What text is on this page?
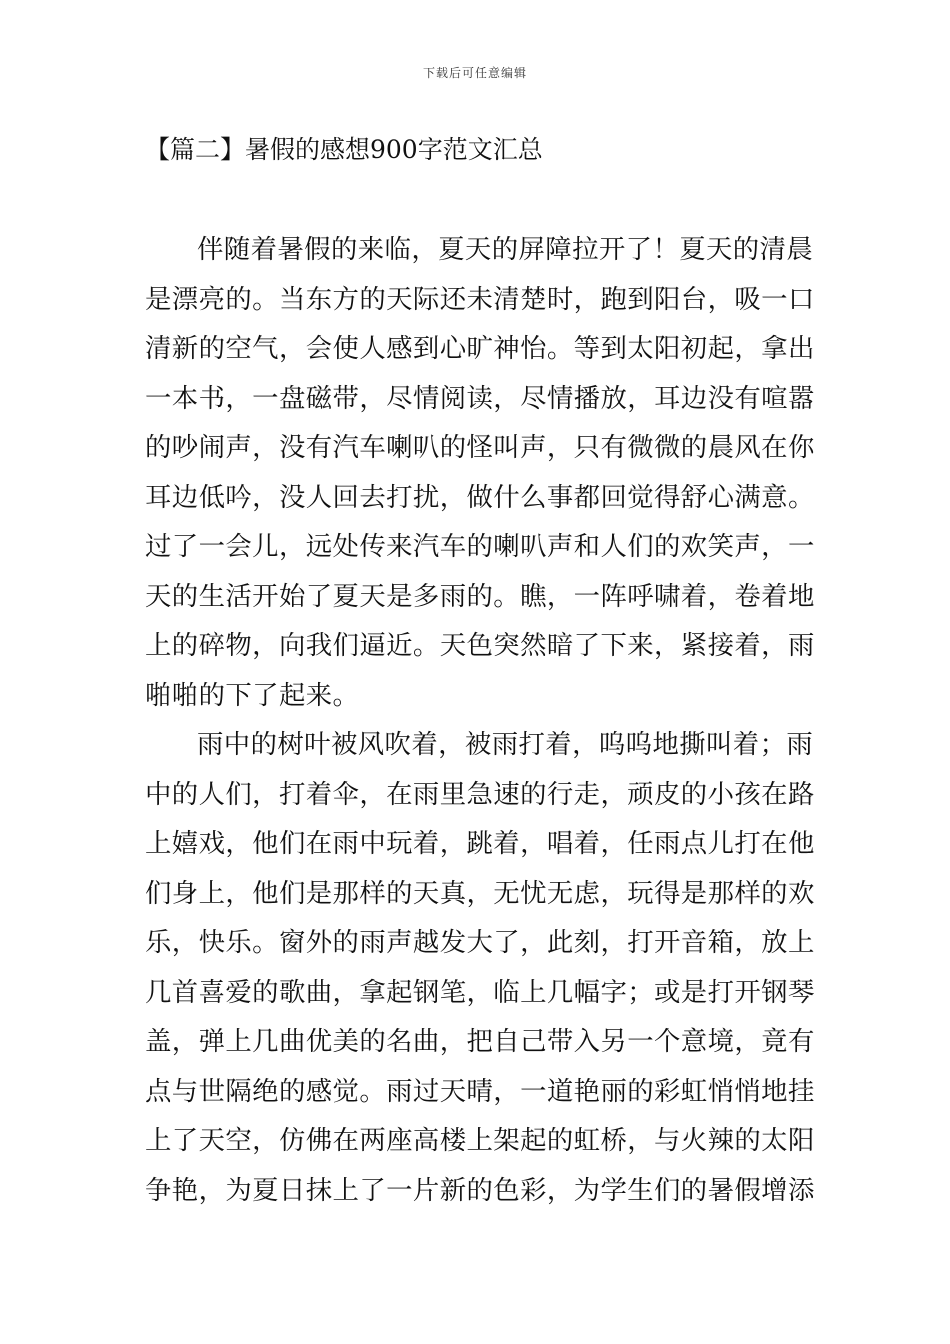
下载后可任意编辑
【篇二】暑假的感想900字范文汇总
伴随着暑假的来临，夏天的屏障拉开了！夏天的清晨
是漂亮的。当东方的天际还未清楚时，跑到阳台，吸一口
清新的空气，会使人感到心旷神怡。等到太阳初起，拿出
一本书，一盘磁带，尽情阅读，尽情播放，耳边没有喧嚣
的吵闹声，没有汽车喇叭的怪叫声，只有微微的晨风在你
耳边低吟，没人回去打扰，做什么事都回觉得舒心满意。
过了一会儿，远处传来汽车的喇叭声和人们的欢笑声，一
天的生活开始了夏天是多雨的。瞧，一阵呼啸着，卷着地
上的碎物，向我们逼近。天色突然暗了下来，紧接着，雨
啪啪的下了起来。
雨中的树叶被风吹着，被雨打着，呜呜地撕叫着；雨
中的人们，打着伞，在雨里急速的行走，顽皮的小孩在路
上嬉戏，他们在雨中玩着，跳着，唱着，任雨点儿打在他
们身上，他们是那样的天真，无忧无虑，玩得是那样的欢
乐，快乐。窗外的雨声越发大了，此刻，打开音箱，放上
几首喜爱的歌曲，拿起钢笔，临上几幅字；或是打开钢琴
盖，弹上几曲优美的名曲，把自己带入另一个意境，竟有
点与世隔绝的感觉。雨过天晴，一道艳丽的彩虹悄悄地挂
上了天空，仿佛在两座高楼上架起的虹桥，与火辣的太阳
争艳，为夏日抹上了一片新的色彩，为学生们的暑假增添
